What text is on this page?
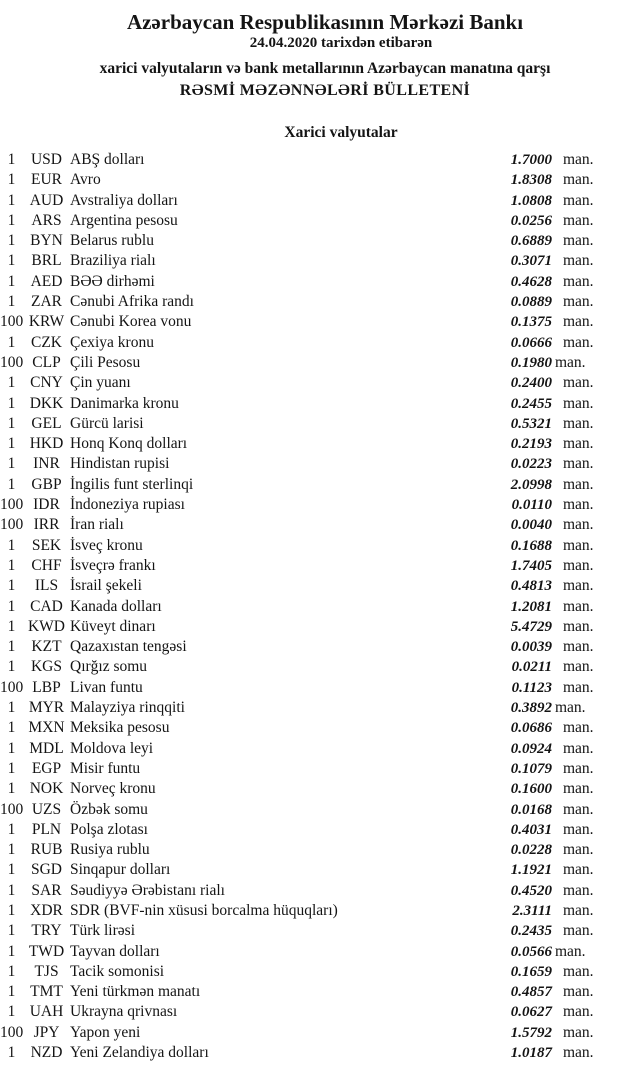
Azərbaycan Respublikasının Mərkəzi Bankı
24.04.2020 tarixdən etibarən
xarici valyutaların və bank metallarının Azərbaycan manatına qarşı
RƏSMİ MƏZƏNNƏLƏRİ BÜLLETENİ
Xarici valyutalar
1	USD ABŞ dolları	1.7000 man.
1	EUR Avro	1.8308 man.
1 AUD Avstraliya dolları	1.0808 man.
1	ARS Argentina pesosu	0.0256 man.
1 BYN Belarus rublu	0.6889 man.
1	BRL Braziliya rialı	0.3071 man.
1 AED BƏƏ dirhəmi	0.4628 man.
1	ZAR Cənubi Afrika randı	0.0889 man.
100 KRW Cənubi Korea vonu	0.1375 man.
1	CZK Çexiya kronu	0.0666 man.
100 CLP Çili Pesosu	0.1980 man.
1 CNY Çin yuanı	0.2400 man.
1 DKK Danimarka kronu	0.2455 man.
1	GEL Gürcü larisi	0.5321 man.
1 HKD Honq Konq dolları	0.2193 man.
1	INR Hindistan rupisi	0.0223 man.
1	GBP İngilis funt sterlinqi	2.0998 man.
100 IDR İndoneziya rupiası	0.0110 man.
100 IRR İran rialı	0.0040 man.
1	SEK İsveç kronu	0.1688 man.
1	CHF İsveçrə frankı	1.7405 man.
1	ILS İsrail şekeli	0.4813 man.
1 CAD Kanada dolları	1.2081 man.
1 KWD Küveyt dinarı	5.4729 man.
1	KZT Qazaxıstan tengəsi	0.0039 man.
1	KGS Qırğız somu	0.0211 man.
100 LBP Livan funtu	0.1123 man.
1 MYR Malayziya rinqqiti	0.3892 man.
1 MXN Meksika pesosu	0.0686 man.
1 MDL Moldova leyi	0.0924 man.
1	EGP Misir funtu	0.1079 man.
1 NOK Norveç kronu	0.1600 man.
100 UZS Özbək somu	0.0168 man.
1	PLN Polşa zlotası	0.4031 man.
1 RUB Rusiya rublu	0.0228 man.
1	SGD Sinqapur dolları	1.1921 man.
1	SAR Səudiyyə Ərəbistanı rialı	0.4520 man.
1 XDR SDR (BVF-nin xüsusi borcalma hüquqları)	2.3111 man.
1	TRY Türk lirəsi	0.2435 man.
1 TWD Tayvan dolları	0.0566 man.
1	TJS Tacik somonisi	0.1659 man.
1 TMT Yeni türkmən manatı	0.4857 man.
1 UAH Ukrayna qrivnası	0.0627 man.
100 JPY Yapon yeni	1.5792 man.
1 NZD Yeni Zelandiya dolları	1.0187 man.
